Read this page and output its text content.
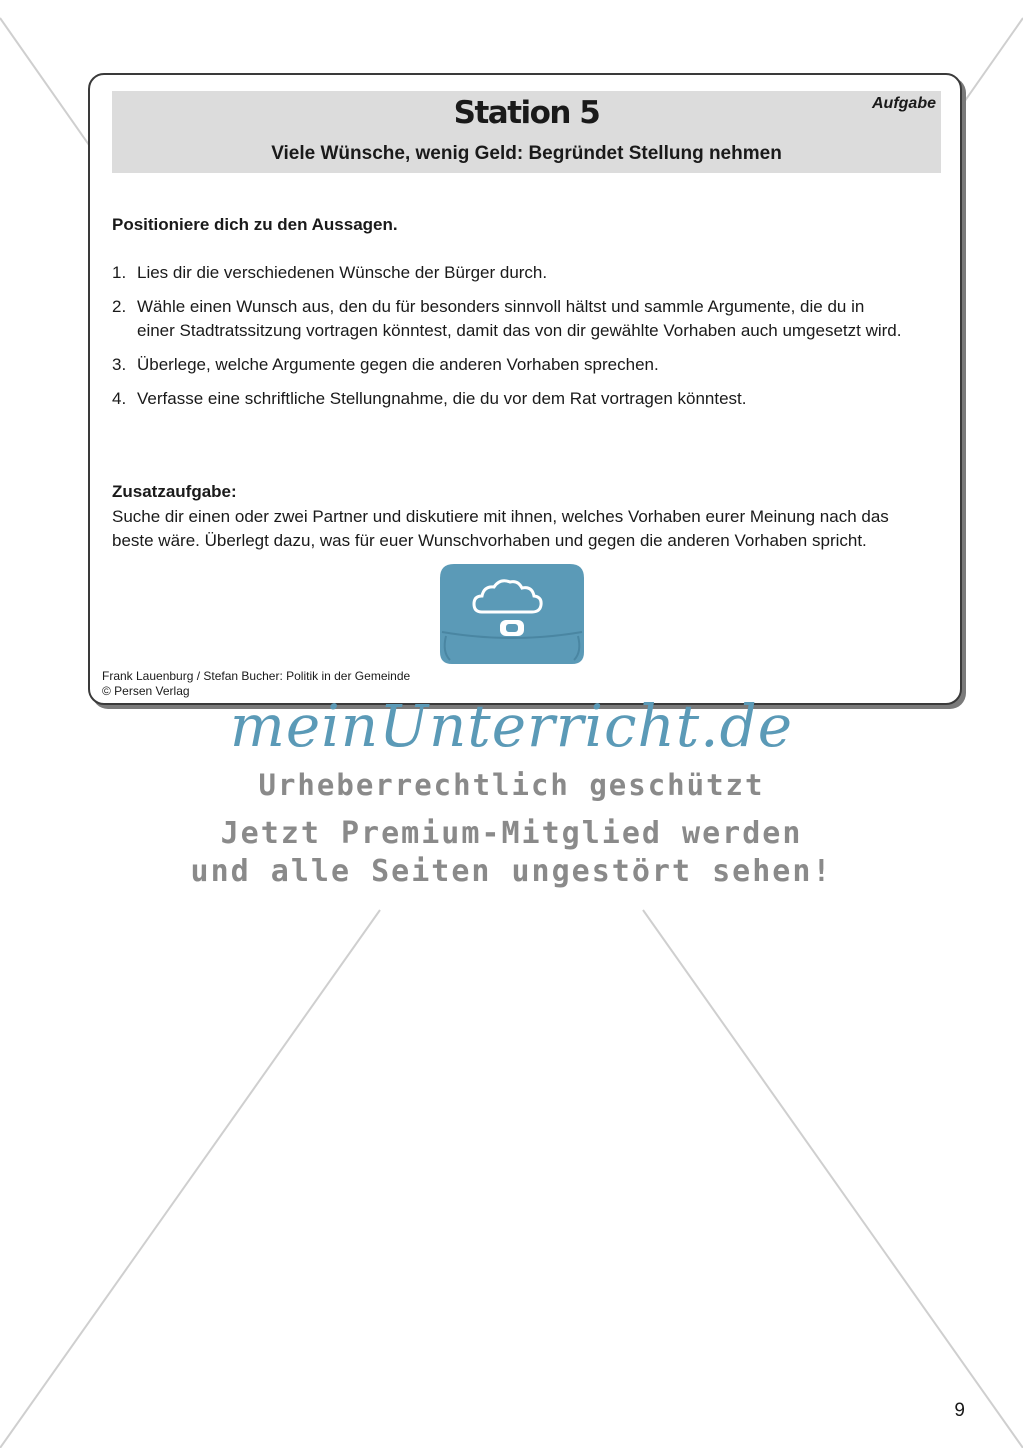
Station 5
Viele Wünsche, wenig Geld: Begründet Stellung nehmen
Aufgabe
Positioniere dich zu den Aussagen.
1. Lies dir die verschiedenen Wünsche der Bürger durch.
2. Wähle einen Wunsch aus, den du für besonders sinnvoll hältst und sammle Argumente, die du in einer Stadtratssitzung vortragen könntest, damit das von dir gewählte Vorhaben auch umgesetzt wird.
3. Überlege, welche Argumente gegen die anderen Vorhaben sprechen.
4. Verfasse eine schriftliche Stellungnahme, die du vor dem Rat vortragen könntest.
Zusatzaufgabe:
Suche dir einen oder zwei Partner und diskutiere mit ihnen, welches Vorhaben eurer Meinung nach das beste wäre. Überlegt dazu, was für euer Wunschvorhaben und gegen die anderen Vorhaben spricht.
Frank Lauenburg / Stefan Bucher: Politik in der Gemeinde
© Persen Verlag
meinUnterricht.de
Urheberrechtlich geschützt
Jetzt Premium-Mitglied werden
und alle Seiten ungestört sehen!
9
